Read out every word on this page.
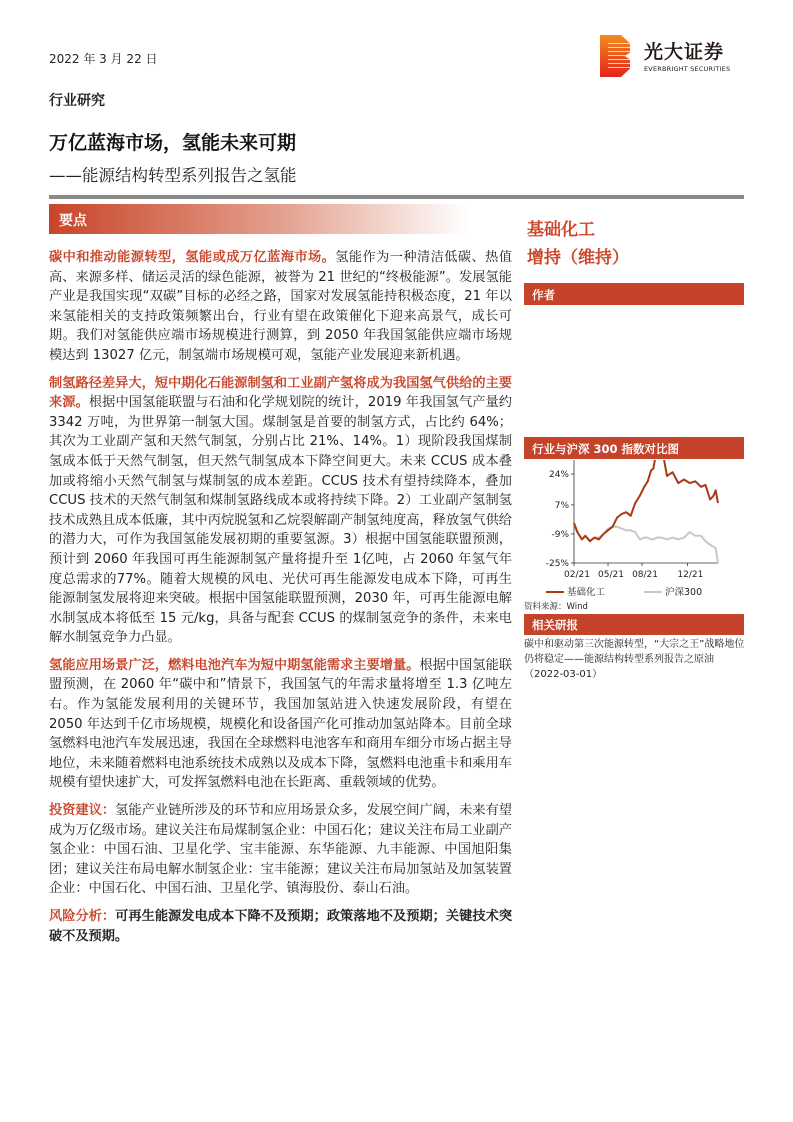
2022 年 3 月 22 日	光大证券
EVERBRIGHT SECURITIES
行业研究
万亿蓝海市场，氢能未来可期
——能源结构转型系列报告之氢能
要点

碳中和推动能源转型，氢能或成万亿蓝海市场。氢能作为一种清洁低碳、热值高、来源多样、储运灵活的绿色能源，被誉为 21 世纪的“终极能源”。发展氢能产业是我国实现“双碳”目标的必经之路，国家对发展氢能持积极态度，21 年以来氢能相关的支持政策频繁出台，行业有望在政策催化下迎来高景气，成长可期。我们对氢能供应端市场规模进行测算，到 2050 年我国氢能供应端市场规模达到 13027 亿元，制氢端市场规模可观，氢能产业发展迎来新机遇。

制氢路径差异大，短中期化石能源制氢和工业副产氢将成为我国氢气供给的主要来源。根据中国氢能联盟与石油和化学规划院的统计，2019 年我国氢气产量约 3342 万吨，为世界第一制氢大国。煤制氢是首要的制氢方式，占比约 64%；其次为工业副产氢和天然气制氢，分别占比 21%、14%。1）现阶段我国煤制氢成本低于天然气制氢，但天然气制氢成本下降空间更大。未来 CCUS 成本叠加或将缩小天然气制氢与煤制氢的成本差距。CCUS 技术有望持续降本，叠加 CCUS 技术的天然气制氢和煤制氢路线成本或将持续下降。2）工业副产氢制氢技术成熟且成本低廉，其中丙烷脱氢和乙烷裂解副产制氢纯度高，释放氢气供给的潜力大，可作为我国氢能发展初期的重要氢源。3）根据中国氢能联盟预测，预计到 2060 年我国可再生能源制氢产量将提升至 1亿吨，占 2060 年氢气年度总需求的77%。随着大规模的风电、光伏可再生能源发电成本下降，可再生能源制氢发展将迎来突破。根据中国氢能联盟预测，2030 年，可再生能源电解水制氢成本将低至 15 元/kg，具备与配套 CCUS 的煤制氢竞争的条件，未来电解水制氢竞争力凸显。

氢能应用场景广泛，燃料电池汽车为短中期氢能需求主要增量。根据中国氢能联盟预测，在 2060 年“碳中和”情景下，我国氢气的年需求量将增至 1.3 亿吨左右。作为氢能发展利用的关键环节，我国加氢站进入快速发展阶段，有望在 2050 年达到千亿市场规模，规模化和设备国产化可推动加氢站降本。目前全球氢燃料电池汽车发展迅速，我国在全球燃料电池客车和商用车细分市场占据主导地位，未来随着燃料电池系统技术成熟以及成本下降，氢燃料电池重卡和乘用车规模有望快速扩大，可发挥氢燃料电池在长距离、重载领域的优势。

投资建议：氢能产业链所涉及的环节和应用场景众多，发展空间广阔，未来有望成为万亿级市场。建议关注布局煤制氢企业：中国石化；建议关注布局工业副产氢企业：中国石油、卫星化学、宝丰能源、东华能源、九丰能源、中国旭阳集团；建议关注布局电解水制氢企业：宝丰能源；建议关注布局加氢站及加氢装置企业：中国石化、中国石油、卫星化学、镇海股份、泰山石油。

风险分析：可再生能源发电成本下降不及预期；政策落地不及预期；关键技术突破不及预期。

基础化工
增持（维持）
作者
行业与沪深 300 指数对比图
24%
7%
-9%
-25%
02/21 05/21 08/21 12/21
基础化工	沪深300
资料来源：Wind
相关研报
碳中和驱动第三次能源转型，“大宗之王”战略地位仍将稳定——能源结构转型系列报告之原油（2022-03-01）
